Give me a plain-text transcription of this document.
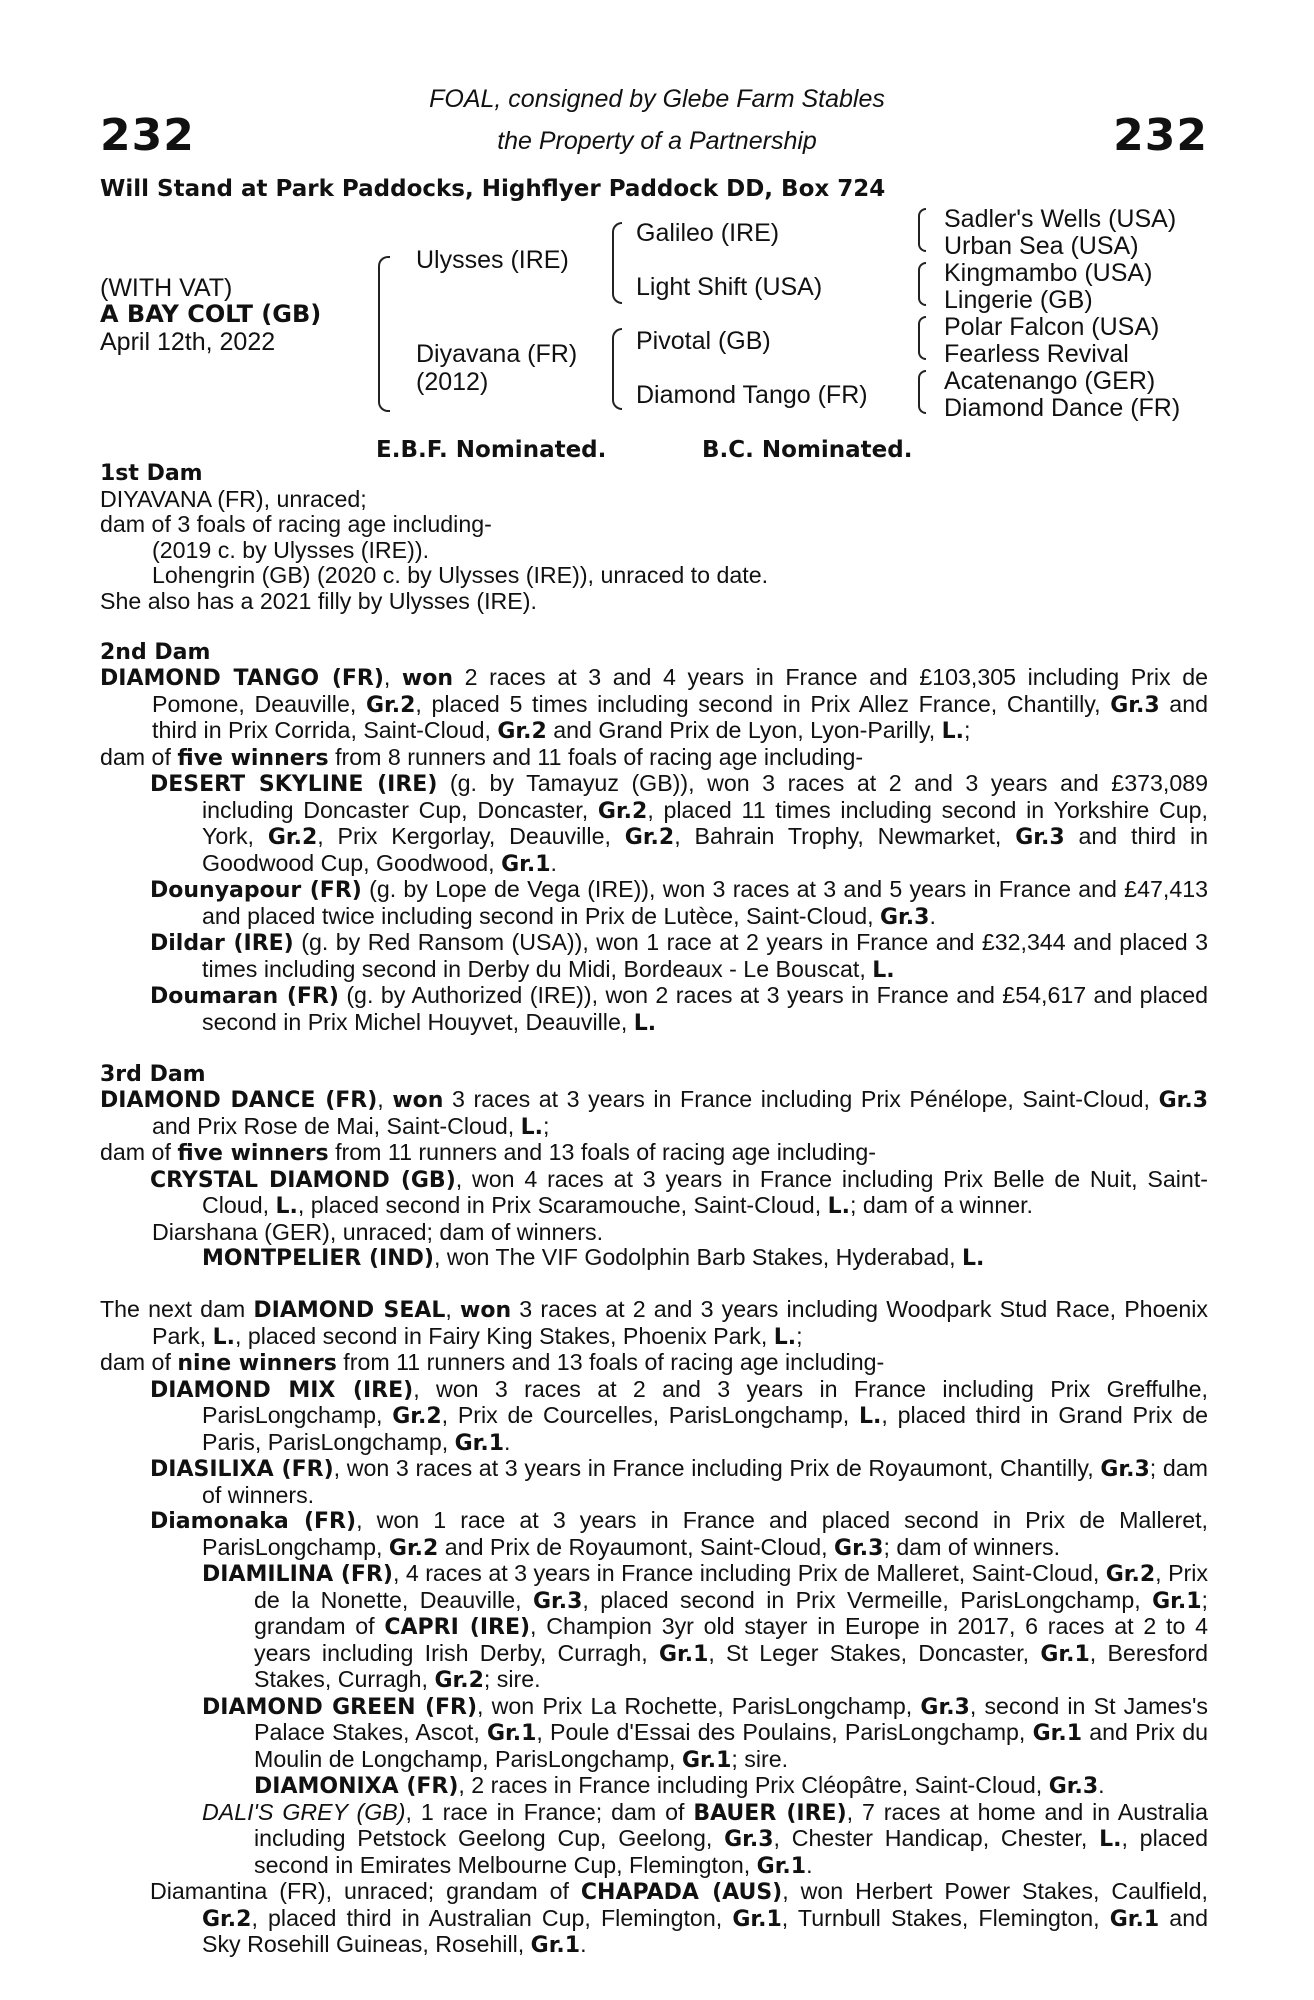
232	232
FOAL, consigned by Glebe Farm Stables
the Property of a Partnership
Will Stand at Park Paddocks, Highflyer Paddock DD, Box 724
(WITH VAT)
A BAY COLT (GB)
April 12th, 2022
Ulysses (IRE)
Diyavana (FR)
(2012)
Galileo (IRE)
Light Shift (USA)
Pivotal (GB)
Diamond Tango (FR)
Sadler's Wells (USA)
Urban Sea (USA)
Kingmambo (USA)
Lingerie (GB)
Polar Falcon (USA)
Fearless Revival
Acatenango (GER)
Diamond Dance (FR)
E.B.F. Nominated.	B.C. Nominated.

1st Dam

DIYAVANA (FR), unraced;

dam of 3 foals of racing age including-

(2019 c. by Ulysses (IRE)).

Lohengrin (GB) (2020 c. by Ulysses (IRE)), unraced to date.

She also has a 2021 filly by Ulysses (IRE).

2nd Dam

DIAMOND TANGO (FR), won 2 races at 3 and 4 years in France and £103,305 including Prix de Pomone, Deauville, Gr.2, placed 5 times including second in Prix Allez France, Chantilly, Gr.3 and third in Prix Corrida, Saint-Cloud, Gr.2 and Grand Prix de Lyon, Lyon-Parilly, L.;

dam of five winners from 8 runners and 11 foals of racing age including-

DESERT SKYLINE (IRE) (g. by Tamayuz (GB)), won 3 races at 2 and 3 years and £373,089 including Doncaster Cup, Doncaster, Gr.2, placed 11 times including second in Yorkshire Cup, York, Gr.2, Prix Kergorlay, Deauville, Gr.2, Bahrain Trophy, Newmarket, Gr.3 and third in Goodwood Cup, Goodwood, Gr.1.

Dounyapour (FR) (g. by Lope de Vega (IRE)), won 3 races at 3 and 5 years in France and £47,413 and placed twice including second in Prix de Lutèce, Saint-Cloud, Gr.3.

Dildar (IRE) (g. by Red Ransom (USA)), won 1 race at 2 years in France and £32,344 and placed 3 times including second in Derby du Midi, Bordeaux - Le Bouscat, L.

Doumaran (FR) (g. by Authorized (IRE)), won 2 races at 3 years in France and £54,617 and placed second in Prix Michel Houyvet, Deauville, L.

3rd Dam

DIAMOND DANCE (FR), won 3 races at 3 years in France including Prix Pénélope, Saint-Cloud, Gr.3 and Prix Rose de Mai, Saint-Cloud, L.;

dam of five winners from 11 runners and 13 foals of racing age including-

CRYSTAL DIAMOND (GB), won 4 races at 3 years in France including Prix Belle de Nuit, Saint-Cloud, L., placed second in Prix Scaramouche, Saint-Cloud, L.; dam of a winner.

Diarshana (GER), unraced; dam of winners.

MONTPELIER (IND), won The VIF Godolphin Barb Stakes, Hyderabad, L.

The next dam DIAMOND SEAL, won 3 races at 2 and 3 years including Woodpark Stud Race, Phoenix Park, L., placed second in Fairy King Stakes, Phoenix Park, L.;

dam of nine winners from 11 runners and 13 foals of racing age including-

DIAMOND MIX (IRE), won 3 races at 2 and 3 years in France including Prix Greffulhe, ParisLongchamp, Gr.2, Prix de Courcelles, ParisLongchamp, L., placed third in Grand Prix de Paris, ParisLongchamp, Gr.1.

DIASILIXA (FR), won 3 races at 3 years in France including Prix de Royaumont, Chantilly, Gr.3; dam of winners.

Diamonaka (FR), won 1 race at 3 years in France and placed second in Prix de Malleret, ParisLongchamp, Gr.2 and Prix de Royaumont, Saint-Cloud, Gr.3; dam of winners.

DIAMILINA (FR), 4 races at 3 years in France including Prix de Malleret, Saint-Cloud, Gr.2, Prix de la Nonette, Deauville, Gr.3, placed second in Prix Vermeille, ParisLongchamp, Gr.1; grandam of CAPRI (IRE), Champion 3yr old stayer in Europe in 2017, 6 races at 2 to 4 years including Irish Derby, Curragh, Gr.1, St Leger Stakes, Doncaster, Gr.1, Beresford Stakes, Curragh, Gr.2; sire.

DIAMOND GREEN (FR), won Prix La Rochette, ParisLongchamp, Gr.3, second in St James's Palace Stakes, Ascot, Gr.1, Poule d'Essai des Poulains, ParisLongchamp, Gr.1 and Prix du Moulin de Longchamp, ParisLongchamp, Gr.1; sire.

DIAMONIXA (FR), 2 races in France including Prix Cléopâtre, Saint-Cloud, Gr.3.

DALI'S GREY (GB), 1 race in France; dam of BAUER (IRE), 7 races at home and in Australia including Petstock Geelong Cup, Geelong, Gr.3, Chester Handicap, Chester, L., placed second in Emirates Melbourne Cup, Flemington, Gr.1.

Diamantina (FR), unraced; grandam of CHAPADA (AUS), won Herbert Power Stakes, Caulfield, Gr.2, placed third in Australian Cup, Flemington, Gr.1, Turnbull Stakes, Flemington, Gr.1 and Sky Rosehill Guineas, Rosehill, Gr.1.
